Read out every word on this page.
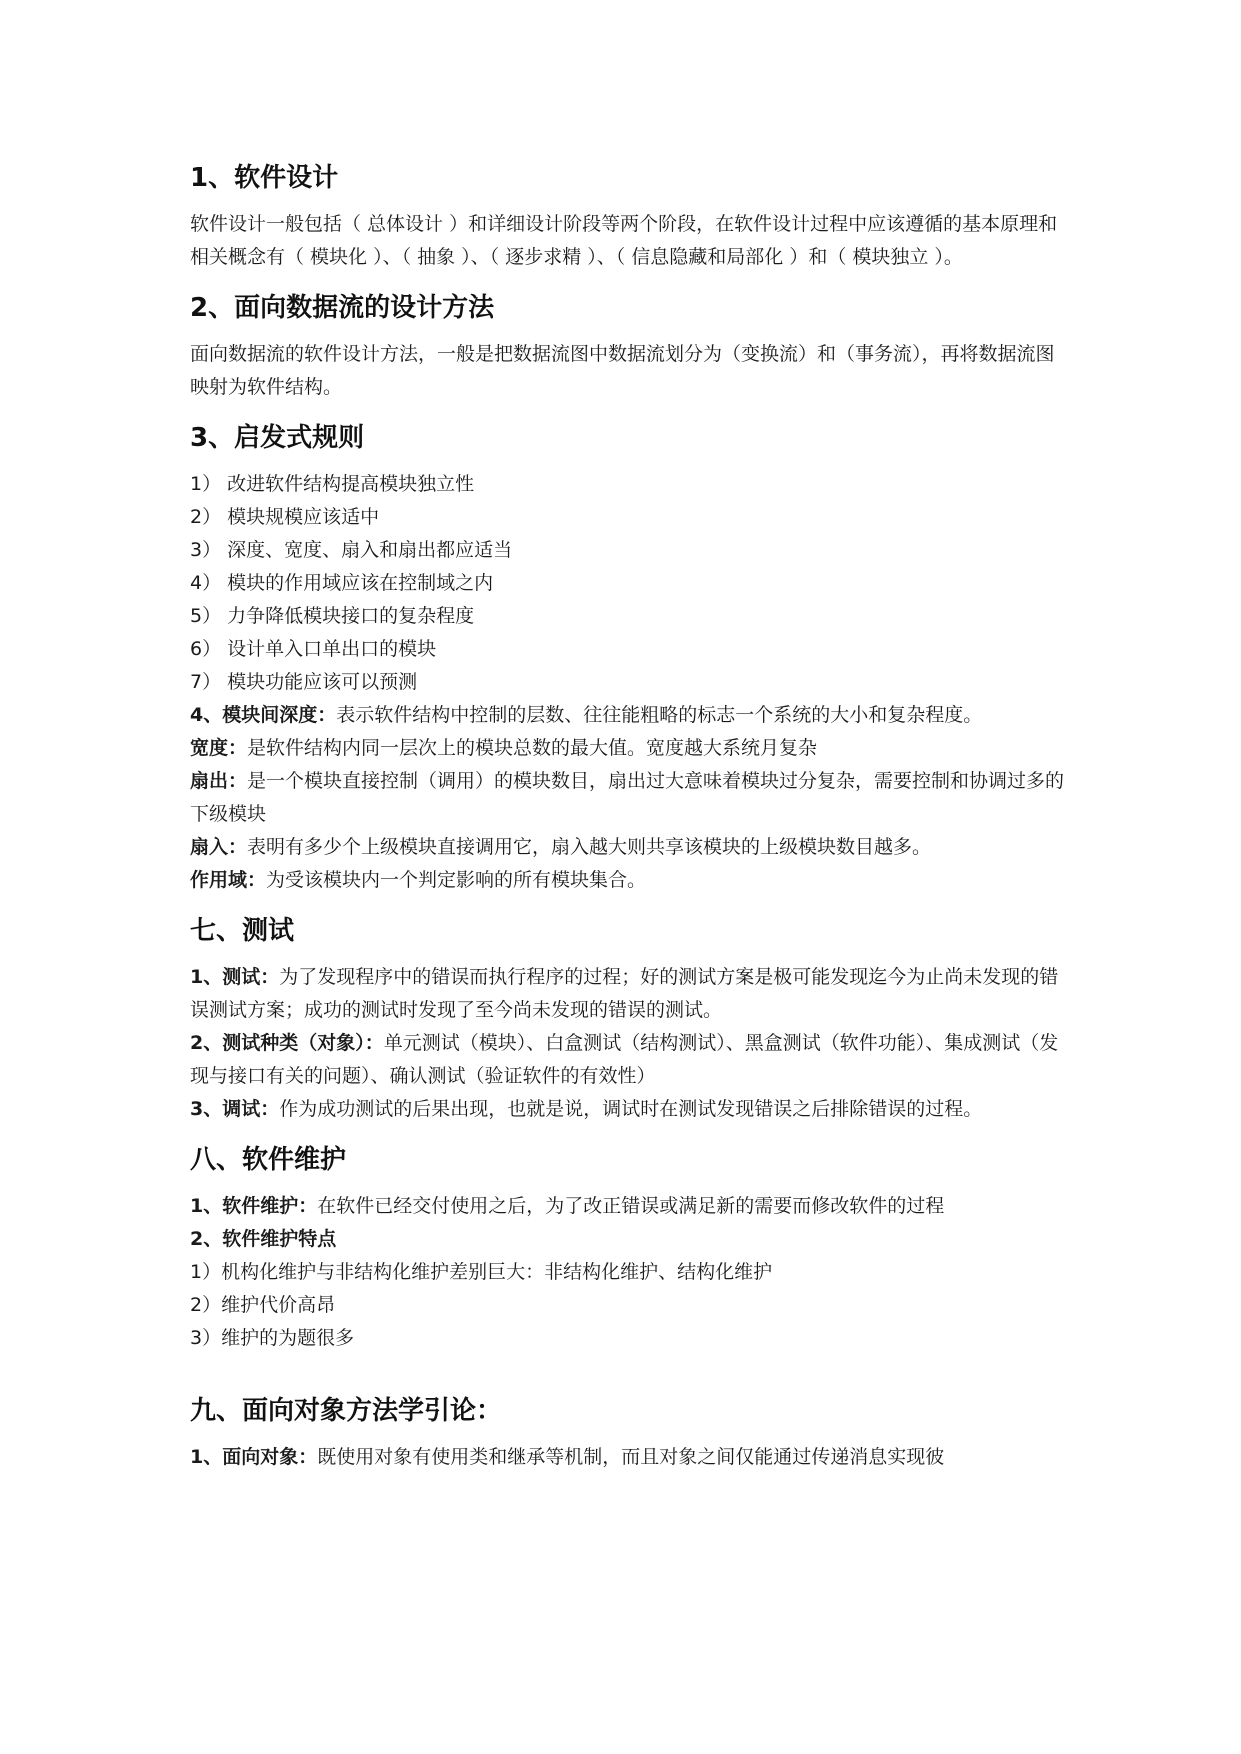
1、软件设计

软件设计一般包括（ 总体设计 ）和详细设计阶段等两个阶段，在软件设计过程中应该遵循的基本原理和相关概念有（ 模块化 ）、（ 抽象 ）、（ 逐步求精 ）、（ 信息隐藏和局部化 ）和（ 模块独立 ）。

2、面向数据流的设计方法

面向数据流的软件设计方法，一般是把数据流图中数据流划分为（变换流）和（事务流），再将数据流图映射为软件结构。

3、启发式规则

1） 改进软件结构提高模块独立性

2） 模块规模应该适中

3） 深度、宽度、扇入和扇出都应适当

4） 模块的作用域应该在控制域之内

5） 力争降低模块接口的复杂程度

6） 设计单入口单出口的模块

7） 模块功能应该可以预测

4、模块间深度：表示软件结构中控制的层数、往往能粗略的标志一个系统的大小和复杂程度。

宽度：是软件结构内同一层次上的模块总数的最大值。宽度越大系统月复杂

扇出：是一个模块直接控制（调用）的模块数目，扇出过大意味着模块过分复杂，需要控制和协调过多的下级模块

扇入：表明有多少个上级模块直接调用它，扇入越大则共享该模块的上级模块数目越多。

作用域：为受该模块内一个判定影响的所有模块集合。

七、测试

1、测试：为了发现程序中的错误而执行程序的过程；好的测试方案是极可能发现迄今为止尚未发现的错误测试方案；成功的测试时发现了至今尚未发现的错误的测试。

2、测试种类（对象）：单元测试（模块）、白盒测试（结构测试）、黑盒测试（软件功能）、集成测试（发现与接口有关的问题）、确认测试（验证软件的有效性）

3、调试：作为成功测试的后果出现，也就是说，调试时在测试发现错误之后排除错误的过程。

八、软件维护

1、软件维护：在软件已经交付使用之后，为了改正错误或满足新的需要而修改软件的过程

2、软件维护特点

1）机构化维护与非结构化维护差别巨大：非结构化维护、结构化维护

2）维护代价高昂

3）维护的为题很多

九、面向对象方法学引论：

1、面向对象：既使用对象有使用类和继承等机制，而且对象之间仅能通过传递消息实现彼
